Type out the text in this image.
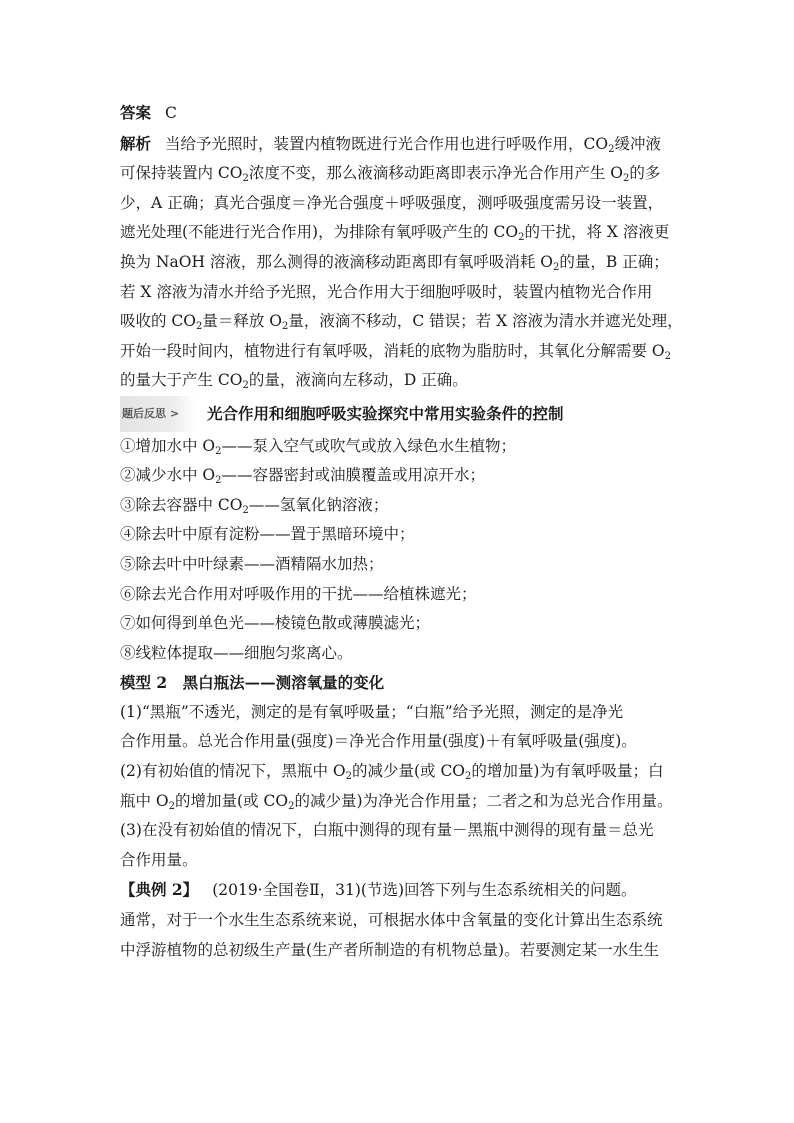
答案 C

解析 当给予光照时，装置内植物既进行光合作用也进行呼吸作用，$CO_2$缓冲液

可保持装置内 $CO_2$浓度不变，那么液滴移动距离即表示净光合作用产生 $O_2$的多

少，A 正确；真光合强度＝净光合强度＋呼吸强度，测呼吸强度需另设一装置，

遮光处理(不能进行光合作用)，为排除有氧呼吸产生的 $CO_2$的干扰，将 X 溶液更

换为 NaOH 溶液，那么测得的液滴移动距离即有氧呼吸消耗 $O_2$的量，B 正确；

若 X 溶液为清水并给予光照，光合作用大于细胞呼吸时，装置内植物光合作用

吸收的 $CO_2$量＝释放 $O_2$量，液滴不移动，C 错误；若 X 溶液为清水并遮光处理，

开始一段时间内，植物进行有氧呼吸，消耗的底物为脂肪时，其氧化分解需要 $O_2$

的量大于产生 $CO_2$的量，液滴向左移动，D 正确。

题后反思 > 光合作用和细胞呼吸实验探究中常用实验条件的控制

①增加水中 $O_2——$泵入空气或吹气或放入绿色水生植物；

②减少水中 $O_2——$容器密封或油膜覆盖或用凉开水；

③除去容器中 $CO_2——$氢氧化钠溶液；

④除去叶中原有淀粉——置于黑暗环境中；

⑤除去叶中叶绿素——酒精隔水加热；

⑥除去光合作用对呼吸作用的干扰——给植株遮光；

⑦如何得到单色光——棱镜色散或薄膜滤光；

⑧线粒体提取——细胞匀浆离心。

模型 2　黑白瓶法——测溶氧量的变化

(1)“黑瓶”不透光，测定的是有氧呼吸量；“白瓶”给予光照，测定的是净光

合作用量。总光合作用量(强度)＝净光合作用量(强度)＋有氧呼吸量(强度)。

(2)有初始值的情况下，黑瓶中 $O_2$的减少量(或 $CO_2$的增加量)为有氧呼吸量；白

瓶中 $O_2$的增加量(或 $CO_2$的减少量)为净光合作用量；二者之和为总光合作用量。

(3)在没有初始值的情况下，白瓶中测得的现有量－黑瓶中测得的现有量＝总光

合作用量。

【典例 2】 (2019·全国卷Ⅱ，31)(节选)回答下列与生态系统相关的问题。

通常，对于一个水生生态系统来说，可根据水体中含氧量的变化计算出生态系统

中浮游植物的总初级生产量(生产者所制造的有机物总量)。若要测定某一水生生
